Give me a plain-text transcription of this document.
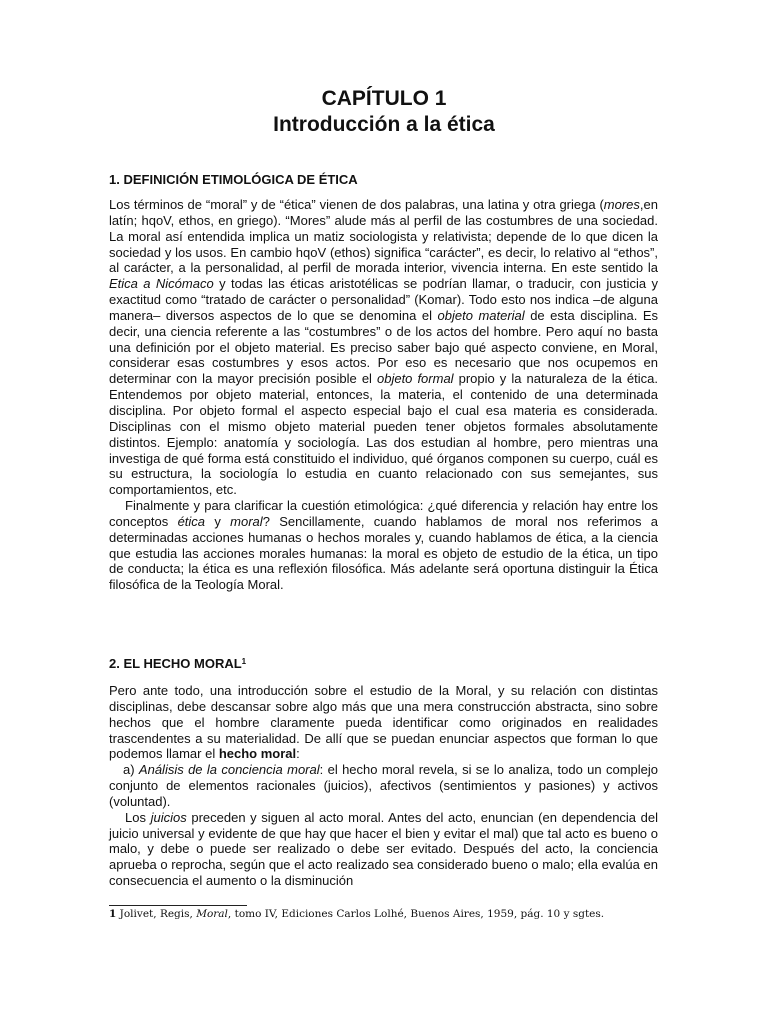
CAPÍTULO 1
Introducción a la ética
1. DEFINICIÓN ETIMOLÓGICA DE ÉTICA

Los términos de “moral” y de “ética” vienen de dos palabras, una latina y otra griega (mores,en latín; hqoV, ethos, en griego). “Mores” alude más al perfil de las costumbres de una sociedad. La moral así entendida implica un matiz sociologista y relativista; depende de lo que dicen la sociedad y los usos. En cambio hqoV (ethos) significa “carácter”, es decir, lo relativo al “ethos”, al carácter, a la personalidad, al perfil de morada interior, vivencia interna. En este sentido la Etica a Nicómaco y todas las éticas aristotélicas se podrían llamar, o traducir, con justicia y exactitud como “tratado de carácter o personalidad” (Komar). Todo esto nos indica –de alguna manera– diversos aspectos de lo que se denomina el objeto material de esta disciplina. Es decir, una ciencia referente a las “costumbres” o de los actos del hombre. Pero aquí no basta una definición por el objeto material. Es preciso saber bajo qué aspecto conviene, en Moral, considerar esas costumbres y esos actos. Por eso es necesario que nos ocupemos en determinar con la mayor precisión posible el objeto formal propio y la naturaleza de la ética. Entendemos por objeto material, entonces, la materia, el contenido de una determinada disciplina. Por objeto formal el aspecto especial bajo el cual esa materia es considerada. Disciplinas con el mismo objeto material pueden tener objetos formales absolutamente distintos. Ejemplo: anatomía y sociología. Las dos estudian al hombre, pero mientras una investiga de qué forma está constituido el individuo, qué órganos componen su cuerpo, cuál es su estructura, la sociología lo estudia en cuanto relacionado con sus semejantes, sus comportamientos, etc.

Finalmente y para clarificar la cuestión etimológica: ¿qué diferencia y relación hay entre los conceptos ética y moral? Sencillamente, cuando hablamos de moral nos referimos a determinadas acciones humanas o hechos morales y, cuando hablamos de ética, a la ciencia que estudia las acciones morales humanas: la moral es objeto de estudio de la ética, un tipo de conducta; la ética es una reflexión filosófica. Más adelante será oportuna distinguir la Ética filosófica de la Teología Moral.

2. EL HECHO MORAL$^1$

Pero ante todo, una introducción sobre el estudio de la Moral, y su relación con distintas disciplinas, debe descansar sobre algo más que una mera construcción abstracta, sino sobre hechos que el hombre claramente pueda identificar como originados en realidades trascendentes a su materialidad. De allí que se puedan enunciar aspectos que forman lo que podemos llamar el hecho moral:

a) Análisis de la conciencia moral: el hecho moral revela, si se lo analiza, todo un complejo conjunto de elementos racionales (juicios), afectivos (sentimientos y pasiones) y activos (voluntad).

Los juicios preceden y siguen al acto moral. Antes del acto, enuncian (en dependencia del juicio universal y evidente de que hay que hacer el bien y evitar el mal) que tal acto es bueno o malo, y debe o puede ser realizado o debe ser evitado. Después del acto, la conciencia aprueba o reprocha, según que el acto realizado sea considerado bueno o malo; ella evalúa en consecuencia el aumento o la disminución

1 Jolivet, Regis, Moral, tomo IV, Ediciones Carlos Lolhé, Buenos Aires, 1959, pág. 10 y sgtes.
